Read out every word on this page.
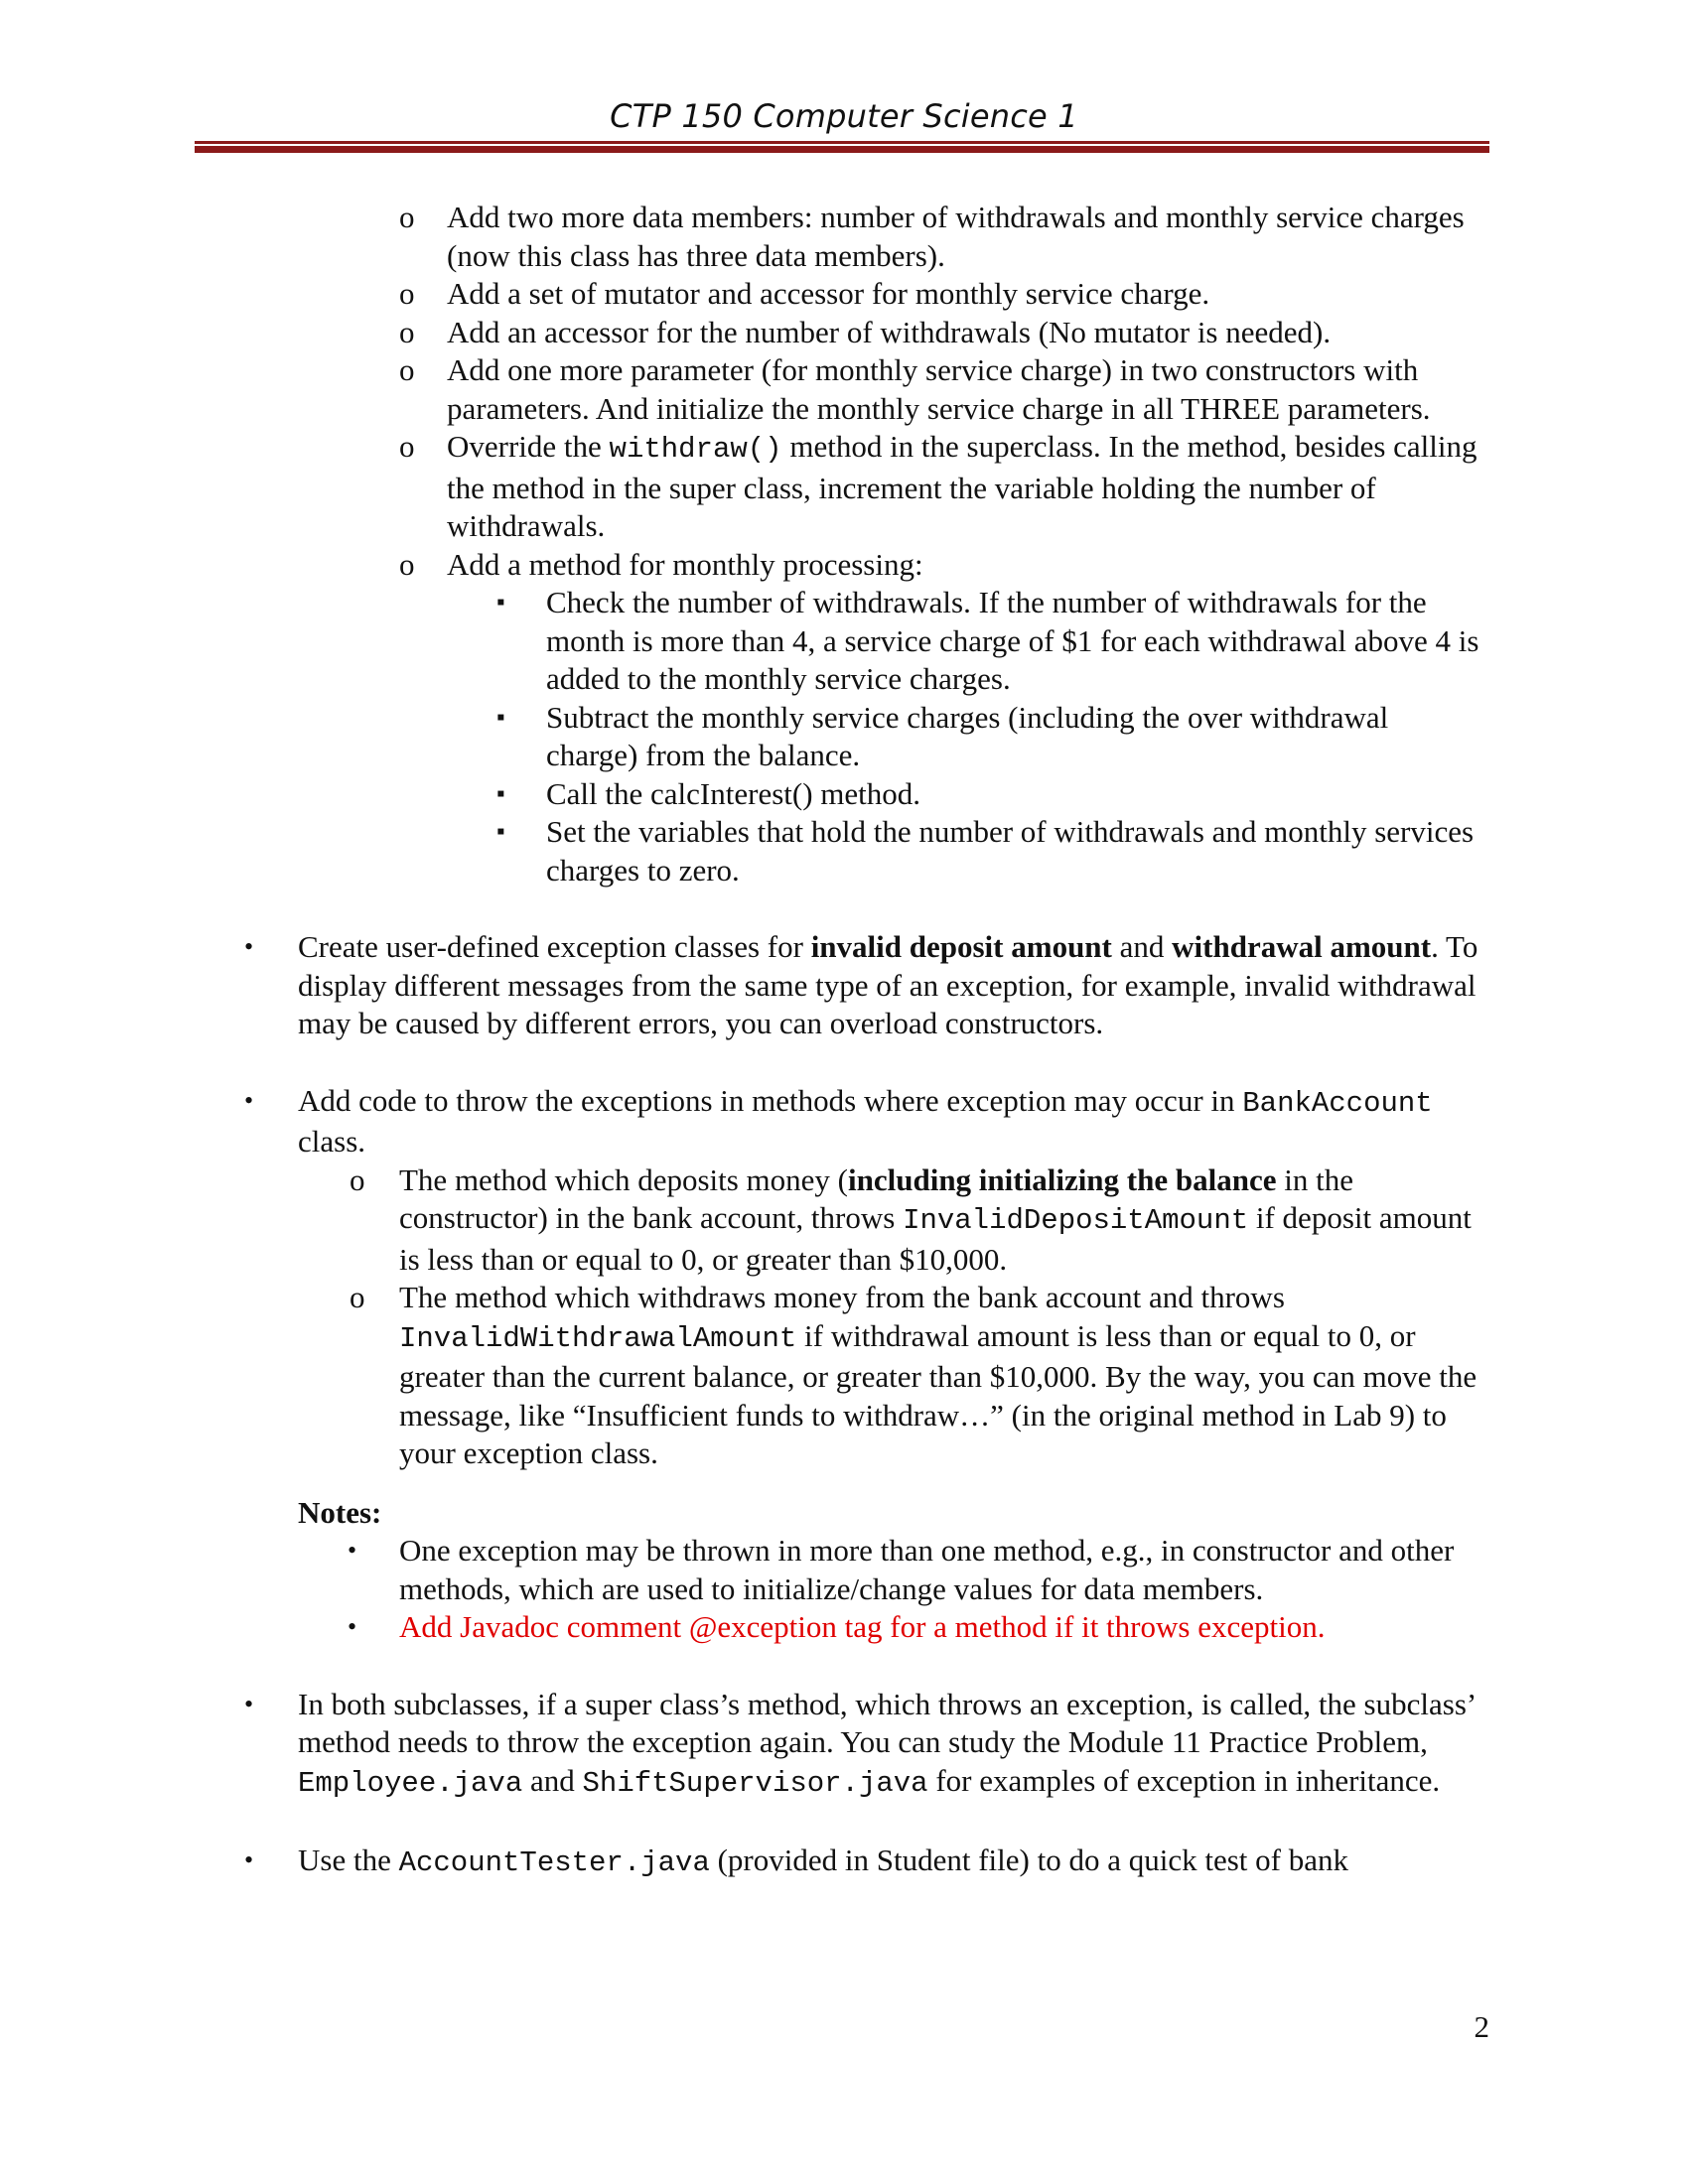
CTP 150 Computer Science 1
o Add two more data members: number of withdrawals and monthly service charges (now this class has three data members).
o Add a set of mutator and accessor for monthly service charge.
o Add an accessor for the number of withdrawals (No mutator is needed).
o Add one more parameter (for monthly service charge) in two constructors with parameters. And initialize the monthly service charge in all THREE parameters.
o Override the withdraw() method in the superclass. In the method, besides calling the method in the super class, increment the variable holding the number of withdrawals.
o Add a method for monthly processing:
▪ Check the number of withdrawals. If the number of withdrawals for the month is more than 4, a service charge of $1 for each withdrawal above 4 is added to the monthly service charges.
▪ Subtract the monthly service charges (including the over withdrawal charge) from the balance.
▪ Call the calcInterest() method.
▪ Set the variables that hold the number of withdrawals and monthly services charges to zero.
• Create user-defined exception classes for invalid deposit amount and withdrawal amount. To display different messages from the same type of an exception, for example, invalid withdrawal may be caused by different errors, you can overload constructors.
• Add code to throw the exceptions in methods where exception may occur in BankAccount class.
o The method which deposits money (including initializing the balance in the constructor) in the bank account, throws InvalidDepositAmount if deposit amount is less than or equal to 0, or greater than $10,000.
o The method which withdraws money from the bank account and throws InvalidWithdrawalAmount if withdrawal amount is less than or equal to 0, or greater than the current balance, or greater than $10,000. By the way, you can move the message, like “Insufficient funds to withdraw…” (in the original method in Lab 9) to your exception class.
Notes:
• One exception may be thrown in more than one method, e.g., in constructor and other methods, which are used to initialize/change values for data members.
• Add Javadoc comment @exception tag for a method if it throws exception.
• In both subclasses, if a super class’s method, which throws an exception, is called, the subclass’ method needs to throw the exception again. You can study the Module 11 Practice Problem, Employee.java and ShiftSupervisor.java for examples of exception in inheritance.
• Use the AccountTester.java (provided in Student file) to do a quick test of bank
2
